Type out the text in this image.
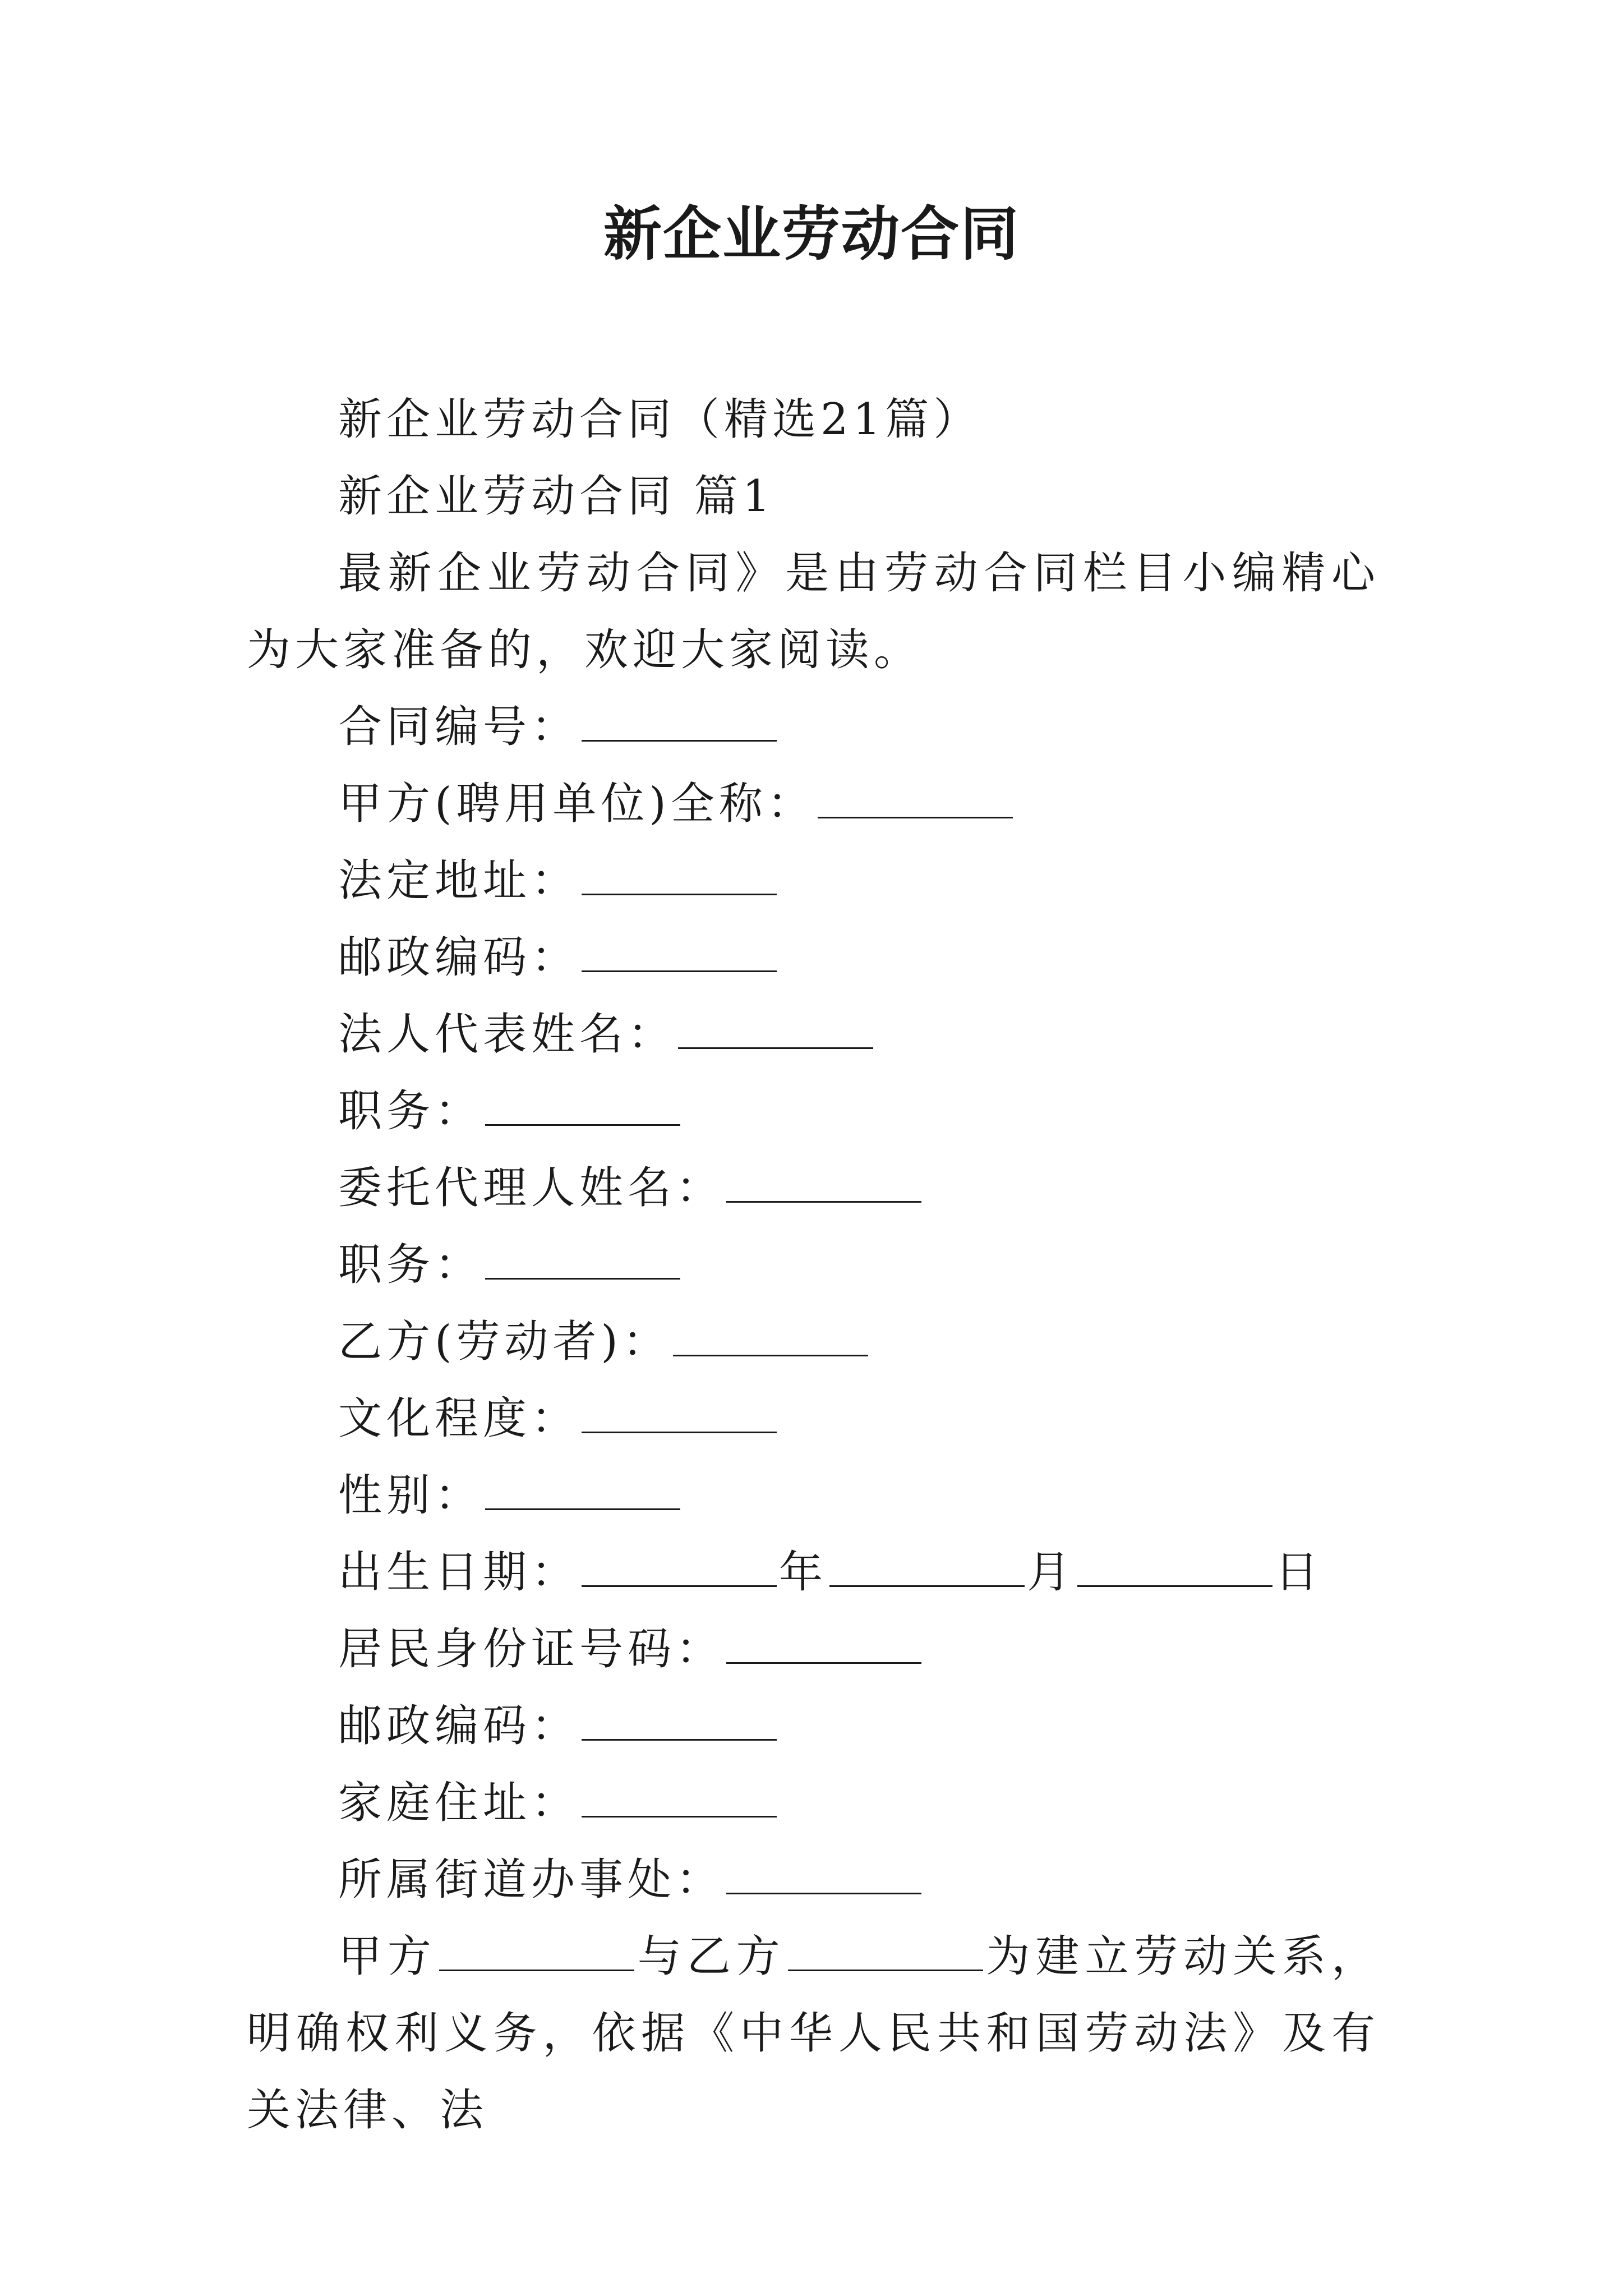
新企业劳动合同

新企业劳动合同（精选21篇）

新企业劳动合同 篇1

最新企业劳动合同》是由劳动合同栏目小编精心为大家准备的，欢迎大家阅读。

合同编号：

甲方(聘用单位)全称：

法定地址：

邮政编码：

法人代表姓名：

职务：

委托代理人姓名：

职务：

乙方(劳动者)：

文化程度：

性别：

出生日期：	年	月	日

居民身份证号码：

邮政编码：

家庭住址：

所属街道办事处：

甲方	与乙方	为建立劳动关系，明确权利义务，依据《中华人民共和国劳动法》及有关法律、法
